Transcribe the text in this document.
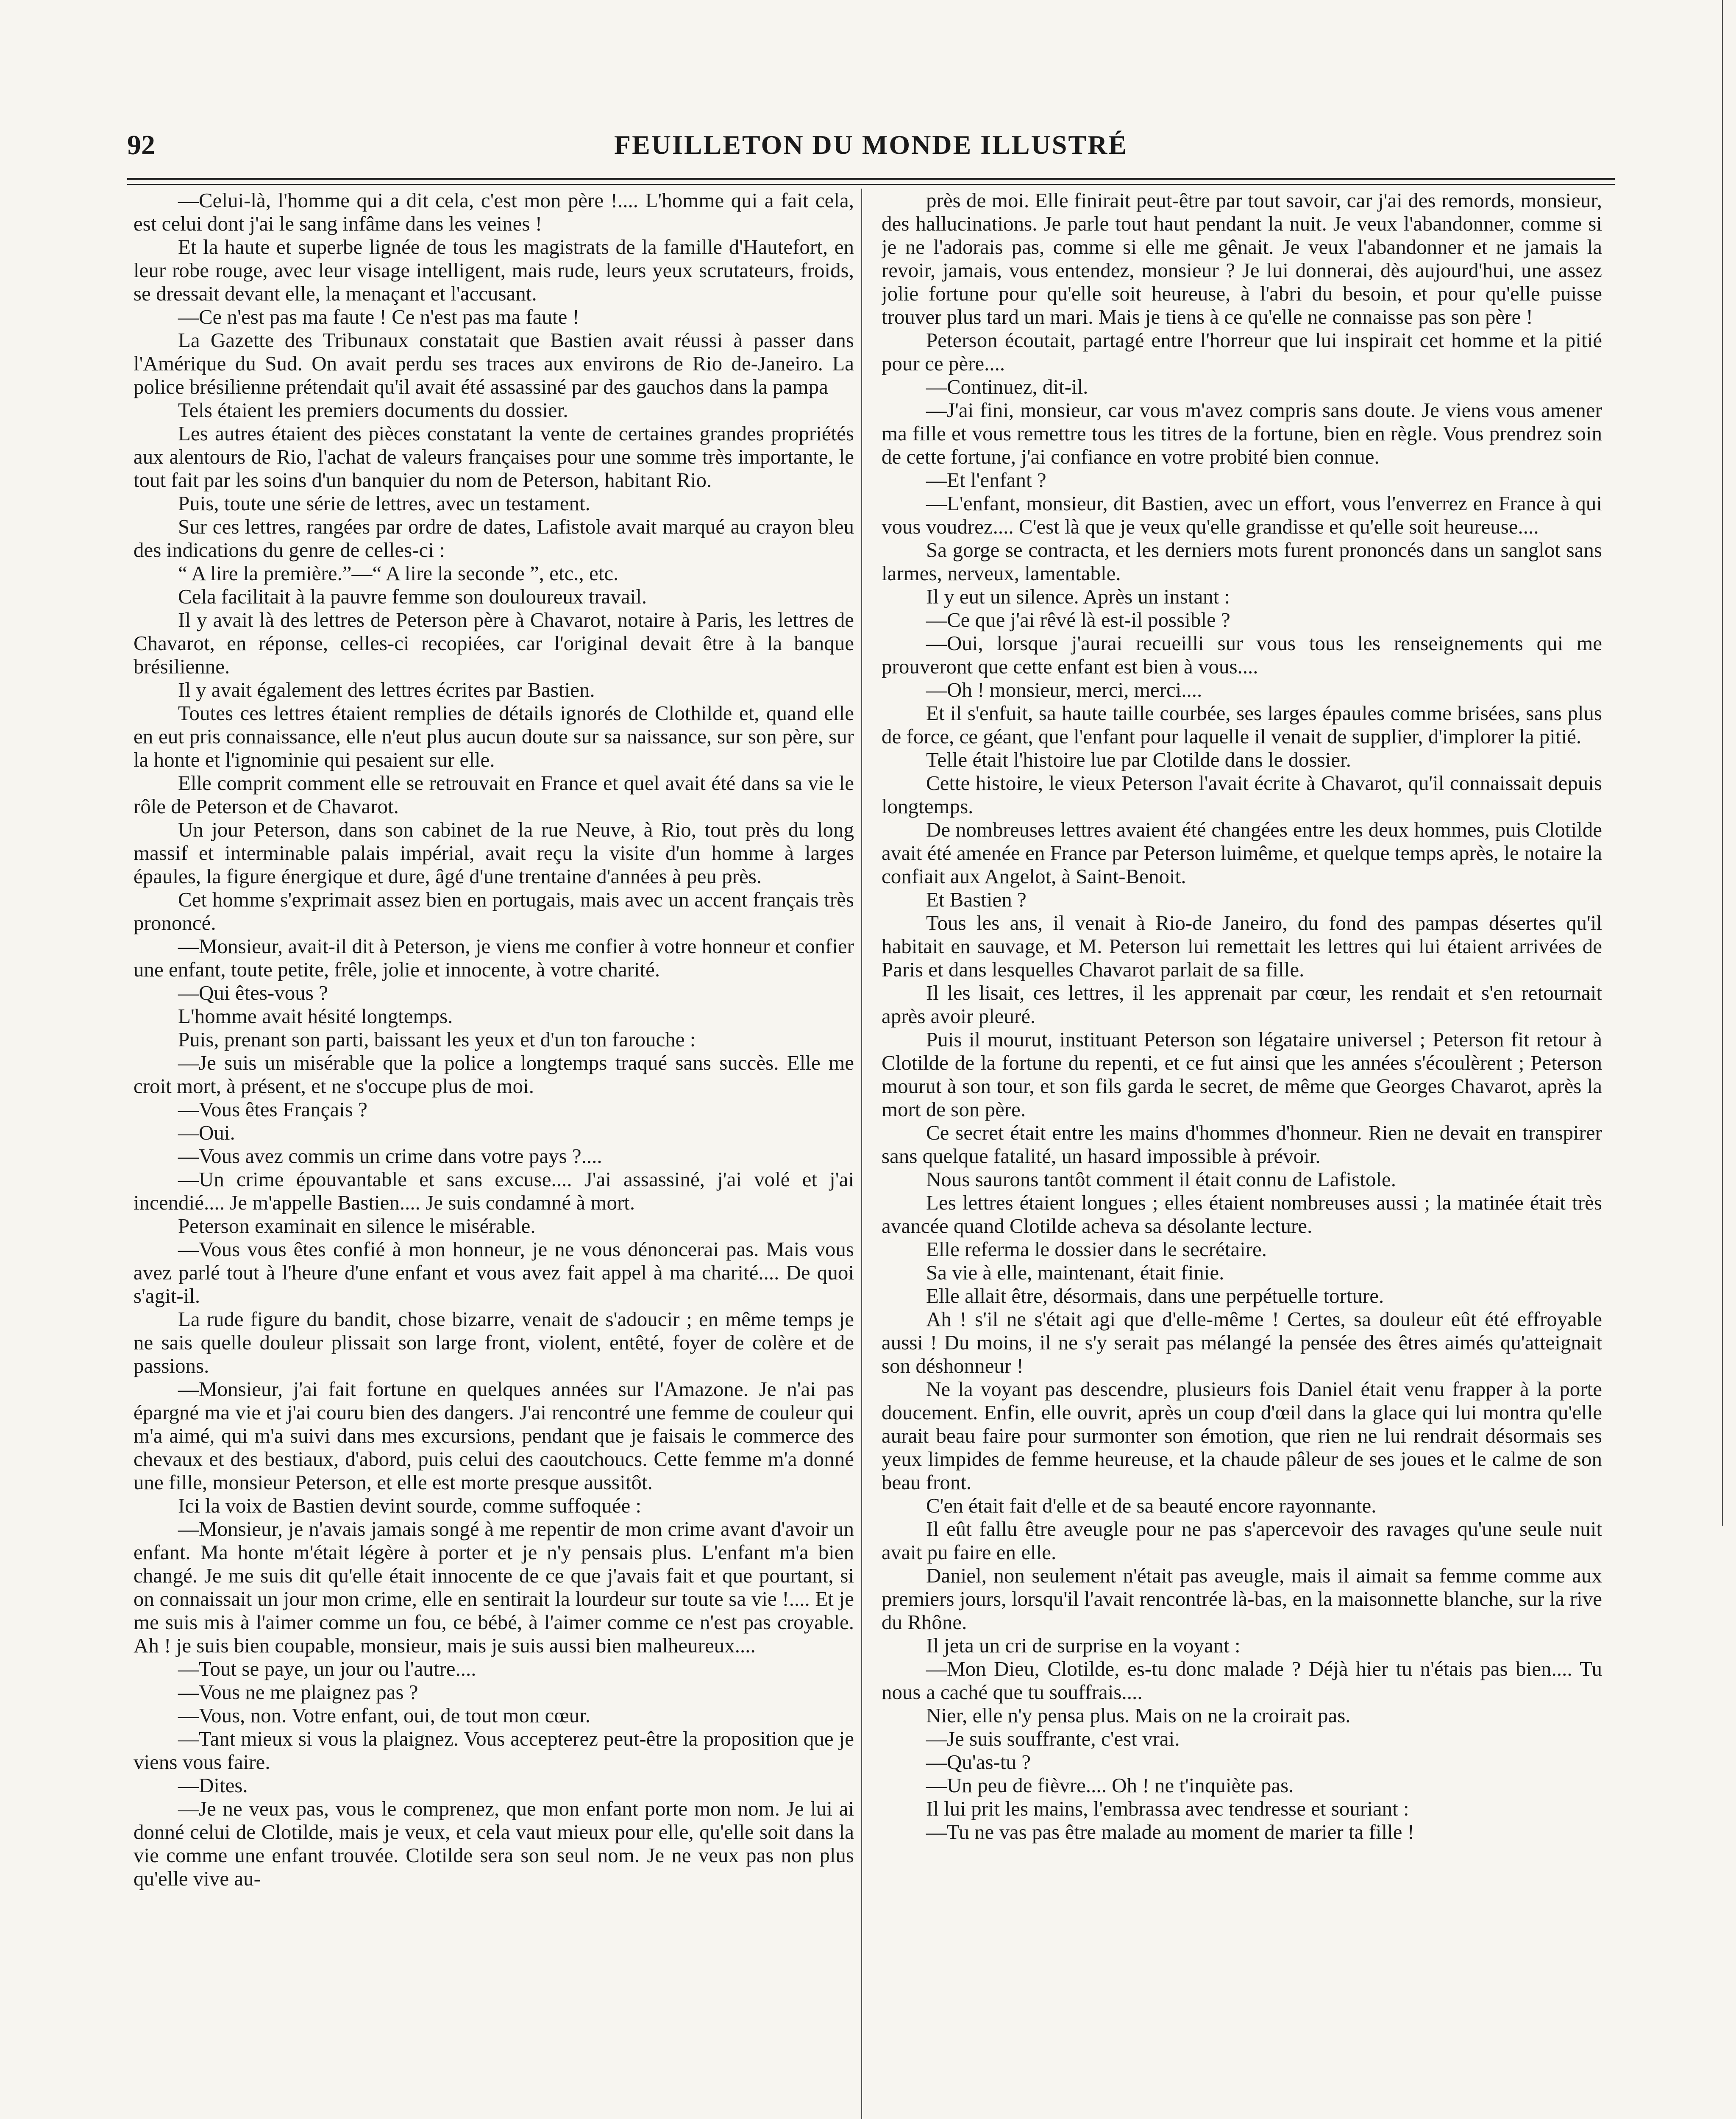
92	FEUILLETON DU MONDE ILLUSTRÉ

—Celui-là, l'homme qui a dit cela, c'est mon père !.... L'homme qui a fait cela, est celui dont j'ai le sang infâme dans les veines !

Et la haute et superbe lignée de tous les magistrats de la famille d'Hautefort, en leur robe rouge, avec leur visage intelligent, mais rude, leurs yeux scrutateurs, froids, se dressait devant elle, la menaçant et l'accusant.

—Ce n'est pas ma faute ! Ce n'est pas ma faute !

La Gazette des Tribunaux constatait que Bastien avait réussi à passer dans l'Amérique du Sud. On avait perdu ses traces aux environs de Rio de-Janeiro. La police brésilienne prétendait qu'il avait été assassiné par des gauchos dans la pampa

Tels étaient les premiers documents du dossier.

Les autres étaient des pièces constatant la vente de certaines grandes propriétés aux alentours de Rio, l'achat de valeurs françaises pour une somme très importante, le tout fait par les soins d'un banquier du nom de Peterson, habitant Rio.

Puis, toute une série de lettres, avec un testament.

Sur ces lettres, rangées par ordre de dates, Lafistole avait marqué au crayon bleu des indications du genre de celles-ci :

“ A lire la première.”—“ A lire la seconde ”, etc., etc.

Cela facilitait à la pauvre femme son douloureux travail.

Il y avait là des lettres de Peterson père à Chavarot, notaire à Paris, les lettres de Chavarot, en réponse, celles-ci recopiées, car l'original devait être à la banque brésilienne.

Il y avait également des lettres écrites par Bastien.

Toutes ces lettres étaient remplies de détails ignorés de Clothilde et, quand elle en eut pris connaissance, elle n'eut plus aucun doute sur sa naissance, sur son père, sur la honte et l'ignominie qui pesaient sur elle.

Elle comprit comment elle se retrouvait en France et quel avait été dans sa vie le rôle de Peterson et de Chavarot.

Un jour Peterson, dans son cabinet de la rue Neuve, à Rio, tout près du long massif et interminable palais impérial, avait reçu la visite d'un homme à larges épaules, la figure énergique et dure, âgé d'une trentaine d'années à peu près.

Cet homme s'exprimait assez bien en portugais, mais avec un accent français très prononcé.

—Monsieur, avait-il dit à Peterson, je viens me confier à votre honneur et confier une enfant, toute petite, frêle, jolie et innocente, à votre charité.

—Qui êtes-vous ?

L'homme avait hésité longtemps.

Puis, prenant son parti, baissant les yeux et d'un ton farouche :

—Je suis un misérable que la police a longtemps traqué sans succès. Elle me croit mort, à présent, et ne s'occupe plus de moi.

—Vous êtes Français ?

—Oui.

—Vous avez commis un crime dans votre pays ?....

—Un crime épouvantable et sans excuse.... J'ai assassiné, j'ai volé et j'ai incendié.... Je m'appelle Bastien.... Je suis condamné à mort.

Peterson examinait en silence le misérable.

—Vous vous êtes confié à mon honneur, je ne vous dénoncerai pas. Mais vous avez parlé tout à l'heure d'une enfant et vous avez fait appel à ma charité.... De quoi s'agit-il.

La rude figure du bandit, chose bizarre, venait de s'adoucir ; en même temps je ne sais quelle douleur plissait son large front, violent, entêté, foyer de colère et de passions.

—Monsieur, j'ai fait fortune en quelques années sur l'Amazone. Je n'ai pas épargné ma vie et j'ai couru bien des dangers. J'ai rencontré une femme de couleur qui m'a aimé, qui m'a suivi dans mes excursions, pendant que je faisais le commerce des chevaux et des bestiaux, d'abord, puis celui des caoutchoucs. Cette femme m'a donné une fille, monsieur Peterson, et elle est morte presque aussitôt.

Ici la voix de Bastien devint sourde, comme suffoquée :

—Monsieur, je n'avais jamais songé à me repentir de mon crime avant d'avoir un enfant. Ma honte m'était légère à porter et je n'y pensais plus. L'enfant m'a bien changé. Je me suis dit qu'elle était innocente de ce que j'avais fait et que pourtant, si on connaissait un jour mon crime, elle en sentirait la lourdeur sur toute sa vie !.... Et je me suis mis à l'aimer comme un fou, ce bébé, à l'aimer comme ce n'est pas croyable. Ah ! je suis bien coupable, monsieur, mais je suis aussi bien malheureux....

—Tout se paye, un jour ou l'autre....

—Vous ne me plaignez pas ?

—Vous, non. Votre enfant, oui, de tout mon cœur.

—Tant mieux si vous la plaignez. Vous accepterez peut-être la proposition que je viens vous faire.

—Dites.

—Je ne veux pas, vous le comprenez, que mon enfant porte mon nom. Je lui ai donné celui de Clotilde, mais je veux, et cela vaut mieux pour elle, qu'elle soit dans la vie comme une enfant trouvée. Clotilde sera son seul nom. Je ne veux pas non plus qu'elle vive au-

près de moi. Elle finirait peut-être par tout savoir, car j'ai des remords, monsieur, des hallucinations. Je parle tout haut pendant la nuit. Je veux l'abandonner, comme si je ne l'adorais pas, comme si elle me gênait. Je veux l'abandonner et ne jamais la revoir, jamais, vous entendez, monsieur ? Je lui donnerai, dès aujourd'hui, une assez jolie fortune pour qu'elle soit heureuse, à l'abri du besoin, et pour qu'elle puisse trouver plus tard un mari. Mais je tiens à ce qu'elle ne connaisse pas son père !

Peterson écoutait, partagé entre l'horreur que lui inspirait cet homme et la pitié pour ce père....

—Continuez, dit-il.

—J'ai fini, monsieur, car vous m'avez compris sans doute. Je viens vous amener ma fille et vous remettre tous les titres de la fortune, bien en règle. Vous prendrez soin de cette fortune, j'ai confiance en votre probité bien connue.

—Et l'enfant ?

—L'enfant, monsieur, dit Bastien, avec un effort, vous l'enverrez en France à qui vous voudrez.... C'est là que je veux qu'elle grandisse et qu'elle soit heureuse....

Sa gorge se contracta, et les derniers mots furent prononcés dans un sanglot sans larmes, nerveux, lamentable.

Il y eut un silence. Après un instant :

—Ce que j'ai rêvé là est-il possible ?

—Oui, lorsque j'aurai recueilli sur vous tous les renseignements qui me prouveront que cette enfant est bien à vous....

—Oh ! monsieur, merci, merci....

Et il s'enfuit, sa haute taille courbée, ses larges épaules comme brisées, sans plus de force, ce géant, que l'enfant pour laquelle il venait de supplier, d'implorer la pitié.

Telle était l'histoire lue par Clotilde dans le dossier.

Cette histoire, le vieux Peterson l'avait écrite à Chavarot, qu'il connaissait depuis longtemps.

De nombreuses lettres avaient été changées entre les deux hommes, puis Clotilde avait été amenée en France par Peterson luimême, et quelque temps après, le notaire la confiait aux Angelot, à Saint-Benoit.

Et Bastien ?

Tous les ans, il venait à Rio-de Janeiro, du fond des pampas désertes qu'il habitait en sauvage, et M. Peterson lui remettait les lettres qui lui étaient arrivées de Paris et dans lesquelles Chavarot parlait de sa fille.

Il les lisait, ces lettres, il les apprenait par cœur, les rendait et s'en retournait après avoir pleuré.

Puis il mourut, instituant Peterson son légataire universel ; Peterson fit retour à Clotilde de la fortune du repenti, et ce fut ainsi que les années s'écoulèrent ; Peterson mourut à son tour, et son fils garda le secret, de même que Georges Chavarot, après la mort de son père.

Ce secret était entre les mains d'hommes d'honneur. Rien ne devait en transpirer sans quelque fatalité, un hasard impossible à prévoir.

Nous saurons tantôt comment il était connu de Lafistole.

Les lettres étaient longues ; elles étaient nombreuses aussi ; la matinée était très avancée quand Clotilde acheva sa désolante lecture.

Elle referma le dossier dans le secrétaire.

Sa vie à elle, maintenant, était finie.

Elle allait être, désormais, dans une perpétuelle torture.

Ah ! s'il ne s'était agi que d'elle-même ! Certes, sa douleur eût été effroyable aussi ! Du moins, il ne s'y serait pas mélangé la pensée des êtres aimés qu'atteignait son déshonneur !

Ne la voyant pas descendre, plusieurs fois Daniel était venu frapper à la porte doucement. Enfin, elle ouvrit, après un coup d'œil dans la glace qui lui montra qu'elle aurait beau faire pour surmonter son émotion, que rien ne lui rendrait désormais ses yeux limpides de femme heureuse, et la chaude pâleur de ses joues et le calme de son beau front.

C'en était fait d'elle et de sa beauté encore rayonnante.

Il eût fallu être aveugle pour ne pas s'apercevoir des ravages qu'une seule nuit avait pu faire en elle.

Daniel, non seulement n'était pas aveugle, mais il aimait sa femme comme aux premiers jours, lorsqu'il l'avait rencontrée là-bas, en la maisonnette blanche, sur la rive du Rhône.

Il jeta un cri de surprise en la voyant :

—Mon Dieu, Clotilde, es-tu donc malade ? Déjà hier tu n'étais pas bien.... Tu nous a caché que tu souffrais....

Nier, elle n'y pensa plus. Mais on ne la croirait pas.

—Je suis souffrante, c'est vrai.

—Qu'as-tu ?

—Un peu de fièvre.... Oh ! ne t'inquiète pas.

Il lui prit les mains, l'embrassa avec tendresse et souriant :

—Tu ne vas pas être malade au moment de marier ta fille !
